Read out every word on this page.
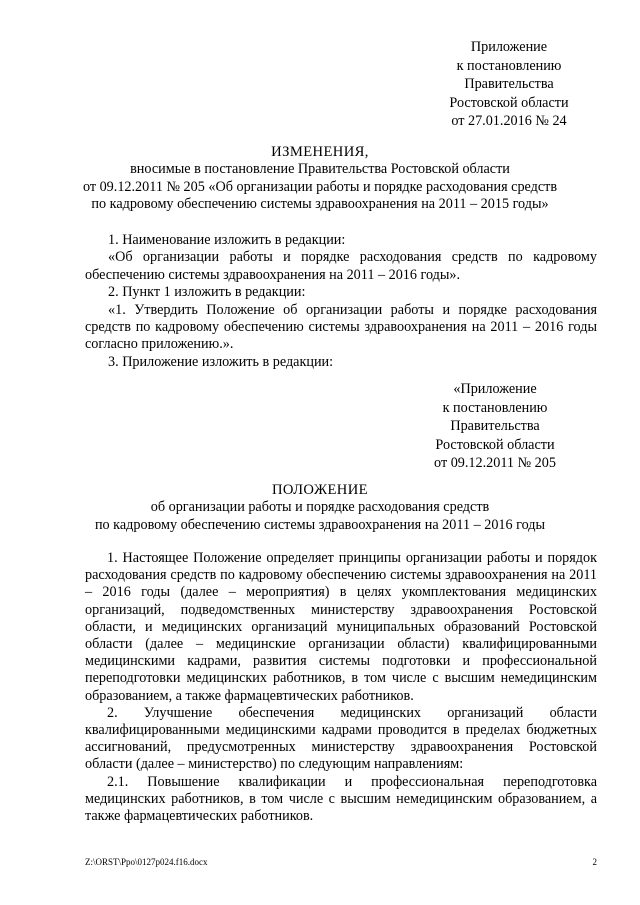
Приложение
к постановлению
Правительства
Ростовской области
от 27.01.2016 № 24
ИЗМЕНЕНИЯ,
вносимые в постановление Правительства Ростовской области
от 09.12.2011 № 205 «Об организации работы и порядке расходования средств
по кадровому обеспечению системы здравоохранения на 2011 – 2015 годы»

1. Наименование изложить в редакции:

«Об организации работы и порядке расходования средств по кадровому обеспечению системы здравоохранения на 2011 – 2016 годы».

2. Пункт 1 изложить в редакции:

«1. Утвердить Положение об организации работы и порядке расходования средств по кадровому обеспечению системы здравоохранения на 2011 – 2016 годы согласно приложению.».

3. Приложение изложить в редакции:

«Приложение
к постановлению
Правительства
Ростовской области
от 09.12.2011 № 205
ПОЛОЖЕНИЕ
об организации работы и порядке расходования средств
по кадровому обеспечению системы здравоохранения на 2011 – 2016 годы

1. Настоящее Положение определяет принципы организации работы и порядок расходования средств по кадровому обеспечению системы здравоохранения на 2011 – 2016 годы (далее – мероприятия) в целях укомплектования медицинских организаций, подведомственных министерству здравоохранения Ростовской области, и медицинских организаций муниципальных образований Ростовской области (далее – медицинские организации области) квалифицированными медицинскими кадрами, развития системы подготовки и профессиональной переподготовки медицинских работников, в том числе с высшим немедицинским образованием, а также фармацевтических работников.

2. Улучшение обеспечения медицинских организаций области квалифицированными медицинскими кадрами проводится в пределах бюджетных ассигнований, предусмотренных министерству здравоохранения Ростовской области (далее – министерство) по следующим направлениям:

2.1. Повышение квалификации и профессиональная переподготовка медицинских работников, в том числе с высшим немедицинским образованием, а также фармацевтических работников.

Z:\ORST\Ppo\0127p024.f16.docx	2
